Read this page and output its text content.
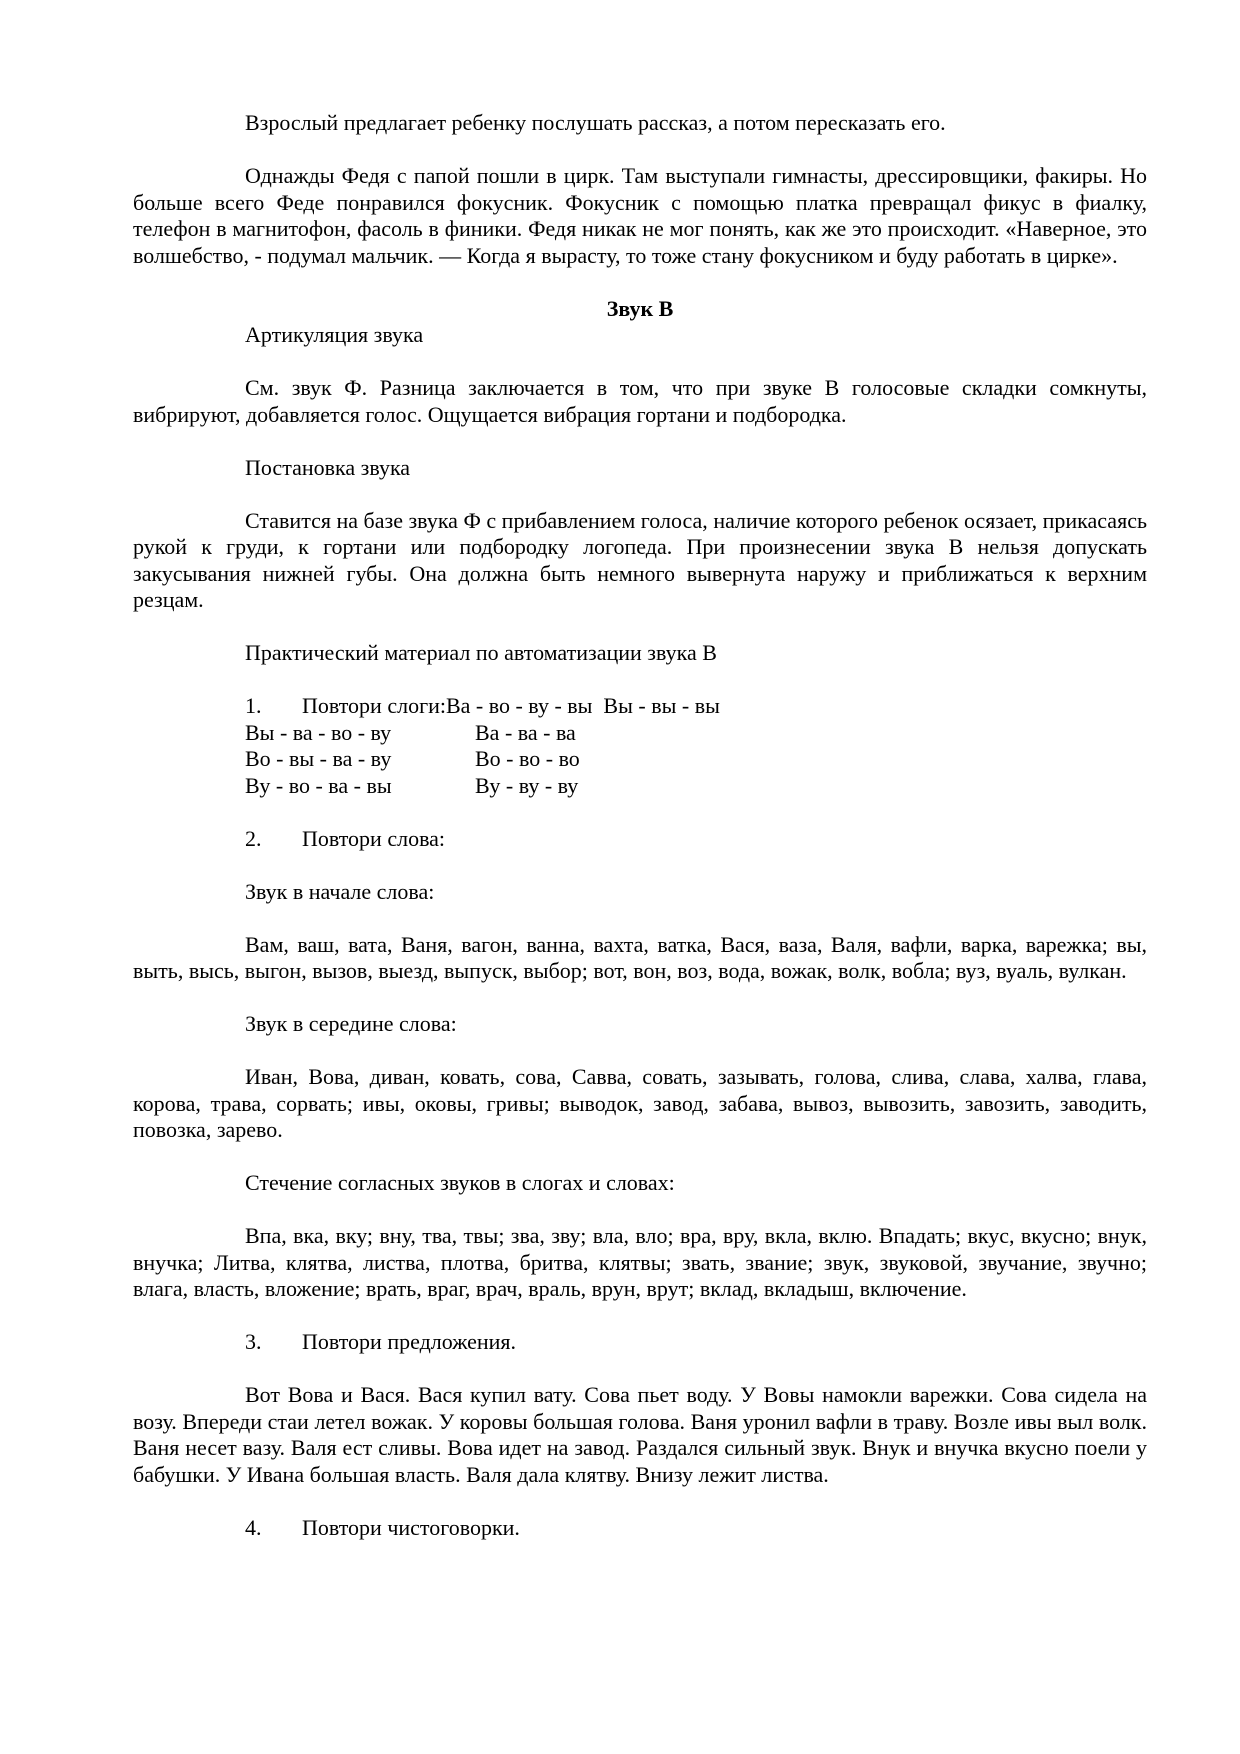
Взрослый предлагает ребенку послушать рассказ, а потом пересказать его.

Однажды Федя с папой пошли в цирк. Там выступали гимнасты, дрессировщики, факиры. Но больше всего Феде понравился фокусник. Фокусник с помощью платка превращал фикус в фиалку, телефон в магнитофон, фасоль в финики. Федя никак не мог понять, как же это происходит. «Наверное, это волшебство, - подумал мальчик. — Когда я вырасту, то тоже стану фокусником и буду работать в цирке».

Звук В

Артикуляция звука

См. звук Ф. Разница заключается в том, что при звуке В голосовые складки сомкнуты, вибрируют, добавляется голос. Ощущается вибрация гортани и подбородка.

Постановка звука

Ставится на базе звука Ф с прибавлением голоса, наличие которого ребенок осязает, прикасаясь рукой к груди, к гортани или подбородку логопеда. При произнесении звука В нельзя допускать закусывания нижней губы. Она должна быть немного вывернута наружу и приближаться к верхним резцам.

Практический материал по автоматизации звука В

1. Повтори слоги:Ва - во - ву - вы  Вы - вы - вы

Вы - ва - во - ву	Ва - ва - ва

Во - вы - ва - ву	Во - во - во

Ву - во - ва - вы	Ву - ву - ву

2. Повтори слова:

Звук в начале слова:

Вам, ваш, вата, Ваня, вагон, ванна, вахта, ватка, Вася, ваза, Валя, вафли, варка, варежка; вы, выть, высь, выгон, вызов, выезд, выпуск, выбор; вот, вон, воз, вода, вожак, волк, вобла; вуз, вуаль, вулкан.

Звук в середине слова:

Иван, Вова, диван, ковать, сова, Савва, совать, зазывать, голова, слива, слава, халва, глава, корова, трава, сорвать; ивы, оковы, гривы; выводок, завод, забава, вывоз, вывозить, завозить, заводить, повозка, зарево.

Стечение согласных звуков в слогах и словах:

Впа, вка, вку; вну, тва, твы; зва, зву; вла, вло; вра, вру, вкла, вклю. Впадать; вкус, вкусно; внук, внучка; Литва, клятва, листва, плотва, бритва, клятвы; звать, звание; звук, звуковой, звучание, звучно; влага, власть, вложение; врать, враг, врач, враль, врун, врут; вклад, вкладыш, включение.

3. Повтори предложения.

Вот Вова и Вася. Вася купил вату. Сова пьет воду. У Вовы намокли варежки. Сова сидела на возу. Впереди стаи летел вожак. У коровы большая голова. Ваня уронил вафли в траву. Возле ивы выл волк. Ваня несет вазу. Валя ест сливы. Вова идет на завод. Раздался сильный звук. Внук и внучка вкусно поели у бабушки. У Ивана большая власть. Валя дала клятву. Внизу лежит листва.

4. Повтори чистоговорки.
